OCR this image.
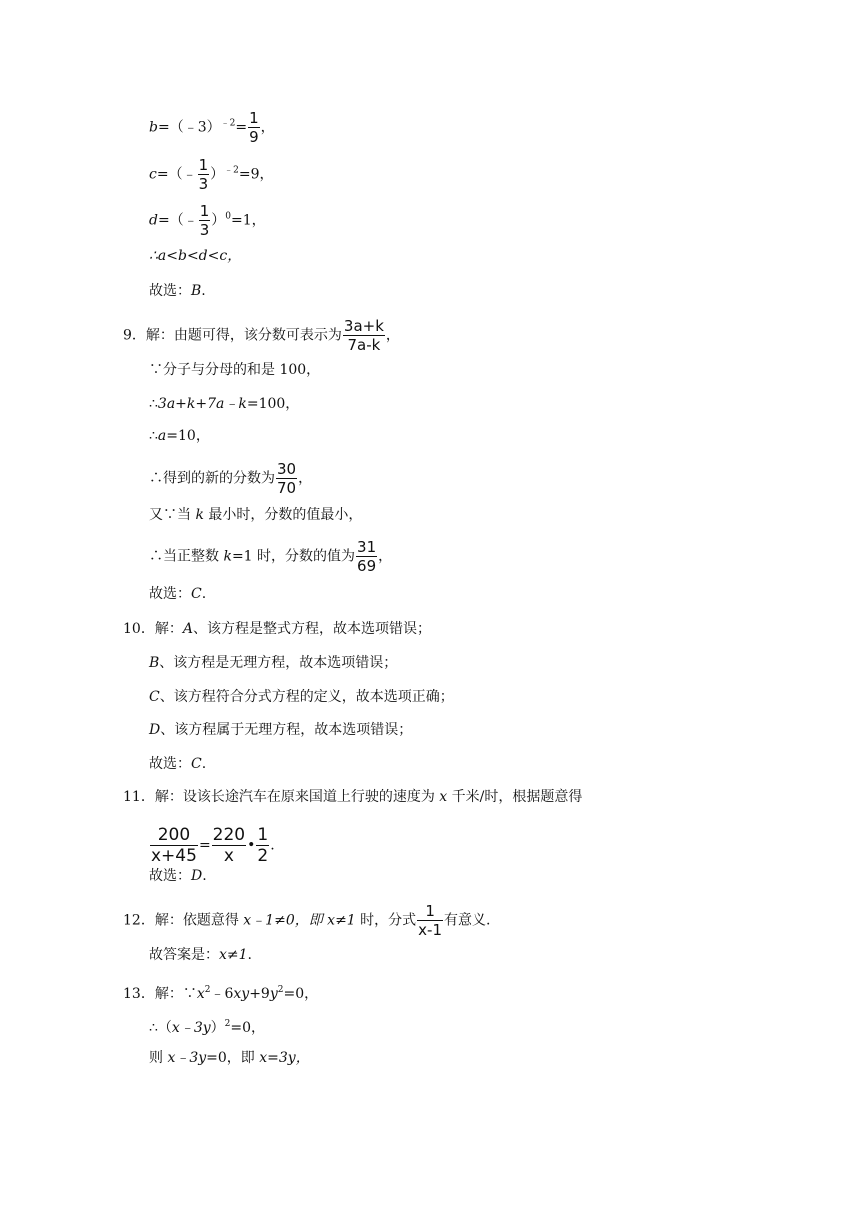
b=（﹣3）$^{﹣2}$= $\frac{1}{9}$ ，
c=（﹣ $\frac{1}{3} )^{﹣2}=9$，
d=（﹣ $\frac{1}{3} )^0=1$，
∴a<b<d<c，
故选：B.
9．解：由题可得，该分数可表示为 $\frac{3a+k}{7a-k}$ ，
∵分子与分母的和是 100，
∴3a+k+7a﹣k=100，
∴a=10，
∴得到的新的分数为 $\frac{30}{70}$ ，
又∵当 k 最小时，分数的值最小，
∴当正整数 k=1 时，分数的值为 $\frac{31}{69}$ ，
故选：C.
10．解：A、该方程是整式方程，故本选项错误；
B、该方程是无理方程，故本选项错误；
C、该方程符合分式方程的定义，故本选项正确；
D、该方程属于无理方程，故本选项错误；
故选：C.
11．解：设该长途汽车在原来国道上行驶的速度为 x 千米/时，根据题意得
$\frac{200}{x+45} = \frac{220}{x}$ • $\frac{1}{2}$ .
故选：D.
12．解：依题意得 x﹣1≠0，即 x≠1 时，分式 $\frac{1}{x-1}$ 有意义.
故答案是：x≠1.
13．解：$\because x^2﹣6xy+9y^2=0$，
∴（x﹣3y）$^2$=0，
则 x﹣3y=0，即 x=3y，
